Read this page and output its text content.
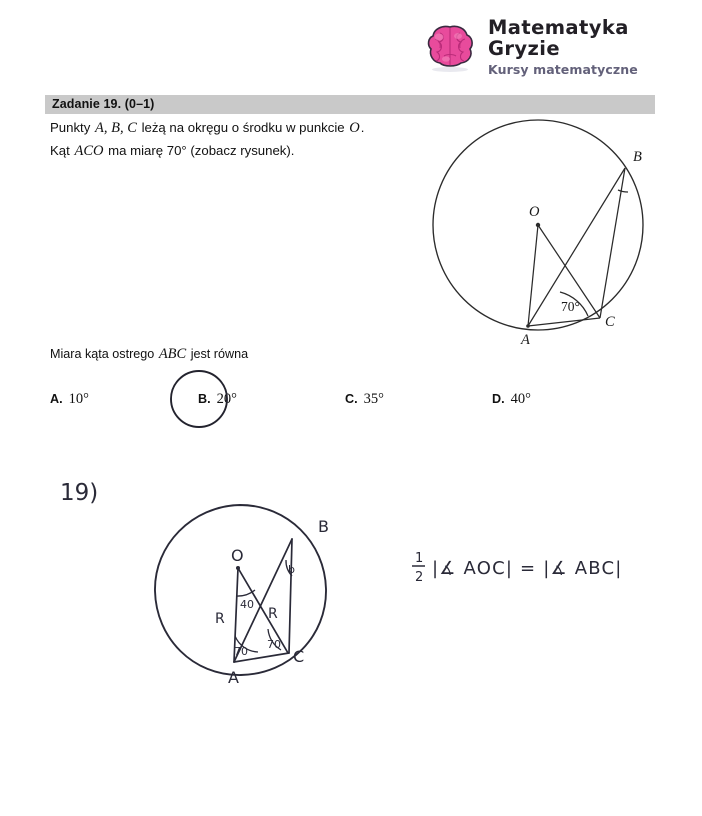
Matematyka Gryzie
Kursy matematyczne
Zadanie 19. (0–1)
Punkty A, B, C leżą na okręgu o środku w punkcie O.
Kąt ACO ma miarę 70° (zobacz rysunek).
O
A
B
C
70°
Miara kąta ostrego ABC jest równa
A. 10°	B. 20°	C. 35°	D. 40°
19)
O
A
B
C
R	R
40
70
70
b
1
2 |∡ AOC| = |∡ ABC|
